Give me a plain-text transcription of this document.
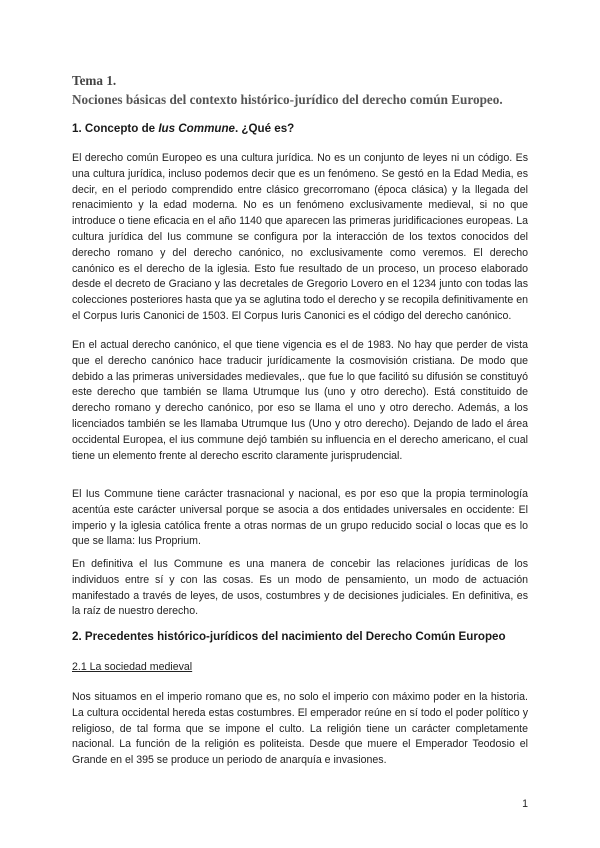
Tema 1.

Nociones básicas del contexto histórico-jurídico del derecho común Europeo.

1. Concepto de Ius Commune. ¿Qué es?

El derecho común Europeo es una cultura jurídica. No es un conjunto de leyes ni un código. Es una cultura jurídica, incluso podemos decir que es un fenómeno. Se gestó en la Edad Media, es decir, en el periodo comprendido entre clásico grecorromano (época clásica) y la llegada del renacimiento y la edad moderna. No es un fenómeno exclusivamente medieval, si no que introduce o tiene eficacia en el año 1140 que aparecen las primeras juridificaciones europeas. La cultura jurídica del Ius commune se configura por la interacción de los textos conocidos del derecho romano y del derecho canónico, no exclusivamente como veremos. El derecho canónico es el derecho de la iglesia. Esto fue resultado de un proceso, un proceso elaborado desde el decreto de Graciano y las decretales de Gregorio Lovero en el 1234 junto con todas las colecciones posteriores hasta que ya se aglutina todo el derecho y se recopila definitivamente en el Corpus Iuris Canonici de 1503. El Corpus Iuris Canonici es el código del derecho canónico.

En el actual derecho canónico, el que tiene vigencia es el de 1983. No hay que perder de vista que el derecho canónico hace traducir jurídicamente la cosmovisión cristiana. De modo que debido a las primeras universidades medievales,. que fue lo que facilitó su difusión se constituyó este derecho que también se llama Utrumque Ius (uno y otro derecho). Está constituido de derecho romano y derecho canónico, por eso se llama el uno y otro derecho. Además, a los licenciados también se les llamaba Utrumque Ius (Uno y otro derecho). Dejando de lado el área occidental Europea, el ius commune dejó también su influencia en el derecho americano, el cual tiene un elemento frente al derecho escrito claramente jurisprudencial.

El Ius Commune tiene carácter trasnacional y nacional, es por eso que la propia terminología acentúa este carácter universal porque se asocia a dos entidades universales en occidente: El imperio y la iglesia católica frente a otras normas de un grupo reducido social o locas que es lo que se llama: Ius Proprium.

En definitiva el Ius Commune es una manera de concebir las relaciones jurídicas de los individuos entre sí y con las cosas. Es un modo de pensamiento, un modo de actuación manifestado a través de leyes, de usos, costumbres y de decisiones judiciales. En definitiva, es la raíz de nuestro derecho.

2. Precedentes histórico-jurídicos del nacimiento del Derecho Común Europeo

2.1 La sociedad medieval

Nos situamos en el imperio romano que es, no solo el imperio con máximo poder en la historia. La cultura occidental hereda estas costumbres. El emperador reúne en sí todo el poder político y religioso, de tal forma que se impone el culto. La religión tiene un carácter completamente nacional. La función de la religión es politeista. Desde que muere el Emperador Teodosio el Grande en el 395 se produce un periodo de anarquía e invasiones.

1
